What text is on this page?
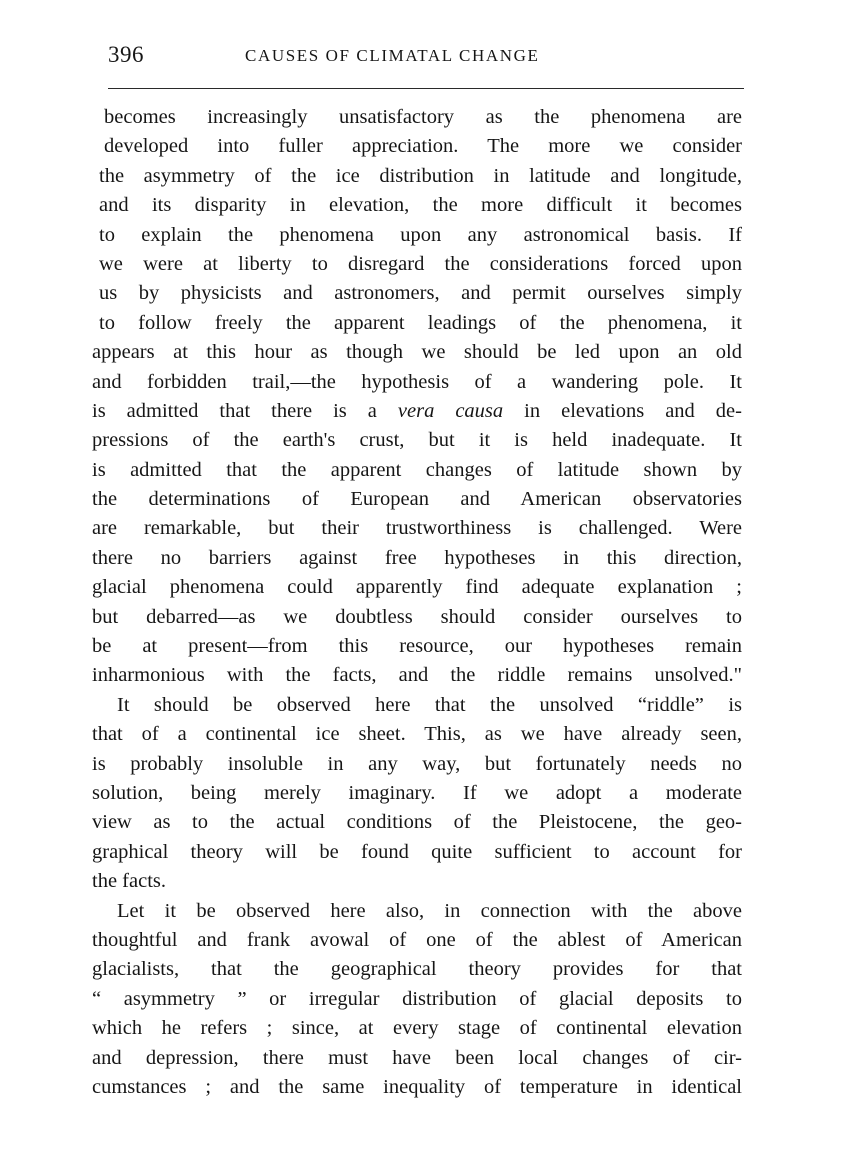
396	CAUSES OF CLIMATAL CHANGE
becomes increasingly unsatisfactory as the phenomena are
developed into fuller appreciation. The more we consider
the asymmetry of the ice distribution in latitude and longitude,
and its disparity in elevation, the more difficult it becomes
to explain the phenomena upon any astronomical basis. If
we were at liberty to disregard the considerations forced upon
us by physicists and astronomers, and permit ourselves simply
to follow freely the apparent leadings of the phenomena, it
appears at this hour as though we should be led upon an old
and forbidden trail,—the hypothesis of a wandering pole. It
is admitted that there is a vera causa in elevations and de-
pressions of the earth's crust, but it is held inadequate. It
is admitted that the apparent changes of latitude shown by
the determinations of European and American observatories
are remarkable, but their trustworthiness is challenged. Were
there no barriers against free hypotheses in this direction,
glacial phenomena could apparently find adequate explanation ;
but debarred—as we doubtless should consider ourselves to
be at present—from this resource, our hypotheses remain
inharmonious with the facts, and the riddle remains unsolved."
It should be observed here that the unsolved “riddle” is
that of a continental ice sheet. This, as we have already seen,
is probably insoluble in any way, but fortunately needs no
solution, being merely imaginary. If we adopt a moderate
view as to the actual conditions of the Pleistocene, the geo-
graphical theory will be found quite sufficient to account for
the facts.
Let it be observed here also, in connection with the above
thoughtful and frank avowal of one of the ablest of American
glacialists, that the geographical theory provides for that
“ asymmetry ” or irregular distribution of glacial deposits to
which he refers ; since, at every stage of continental elevation
and depression, there must have been local changes of cir-
cumstances ; and the same inequality of temperature in identical
